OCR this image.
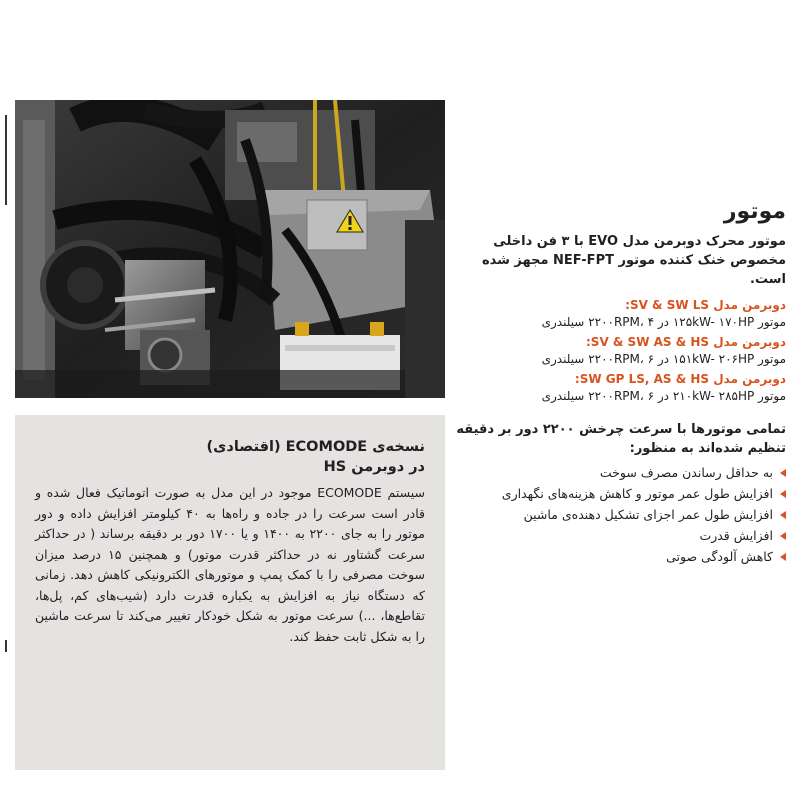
موتور

موتور محرک دوبرمن مدل EVO با ۳ فن داخلی مخصوص خنک کننده موتور NEF-FPT مجهز شده است.

دوبرمن مدل SV & SW LS:
موتور ۱۲۵kW- ۱۷۰HP در ۲۲۰۰RPM، ۴ سیلندری
دوبرمن مدل SV & SW AS & HS:
موتور ۱۵۱kW- ۲۰۶HP در ۲۲۰۰RPM، ۶ سیلندری
دوبرمن مدل SW GP LS, AS & HS:
موتور ۲۱۰kW- ۲۸۵HP در ۲۲۰۰RPM، ۶ سیلندری

تمامی موتورها با سرعت چرخش ۲۲۰۰ دور بر دقیقه تنظیم شده‌اند به منظور:

به حداقل رساندن مصرف سوخت
افزایش طول عمر موتور و کاهش هزینه‌های نگهداری
افزایش طول عمر اجزای تشکیل دهنده‌ی ماشین
افزایش قدرت
کاهش آلودگی صوتی
نسخه‌ی ECOMODE (اقتصادی)
در دوبرمن HS

سیستم ECOMODE موجود در این مدل به صورت اتوماتیک فعال شده و قادر است سرعت را در جاده و راه‌ها به ۴۰ کیلومتر افزایش داده و دور موتور را به جای ۲۲۰۰ به ۱۴۰۰ و یا ۱۷۰۰ دور بر دقیقه برساند ( در حداکثر سرعت گشتاور نه در حداکثر قدرت موتور) و همچنین ۱۵ درصد میزان سوخت مصرفی را با کمک پمپ و موتورهای الکترونیکی کاهش دهد. زمانی که دستگاه نیاز به افزایش به یکباره قدرت دارد (شیب‌های کم، پل‌ها، تقاطع‌ها، ...) سرعت موتور به شکل خودکار تغییر می‌کند تا سرعت ماشین را به شکل ثابت حفظ کند.
